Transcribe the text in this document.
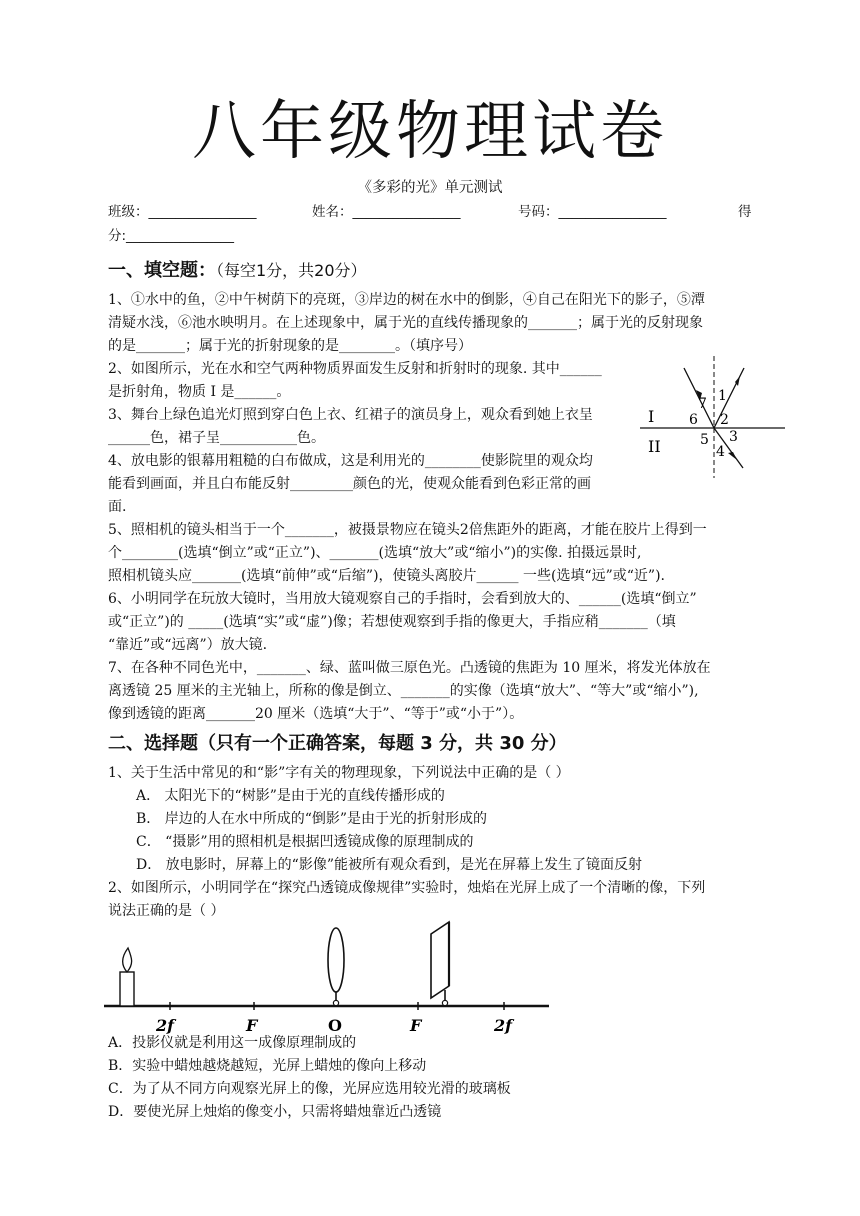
八年级物理试卷
《多彩的光》单元测试
班级：________________	姓名：________________	号码：________________	得
分:________________
一、填空题：（每空1分，共20分）
1、①水中的鱼，②中午树荫下的亮斑，③岸边的树在水中的倒影，④自己在阳光下的影子，⑤潭
清疑水浅，⑥池水映明月。在上述现象中，属于光的直线传播现象的_______；属于光的反射现象
的是_______；属于光的折射现象的是________。（填序号）
2、如图所示，光在水和空气两种物质界面发生反射和折射时的现象. 其中______
是折射角，物质 I 是______。
3、舞台上绿色追光灯照到穿白色上衣、红裙子的演员身上，观众看到她上衣呈
______色，裙子呈___________色。
4、放电影的银幕用粗糙的白布做成，这是利用光的________使影院里的观众均
能看到画面，并且白布能反射_________颜色的光，使观众能看到色彩正常的画
面.
5、照相机的镜头相当于一个_______，被摄景物应在镜头2倍焦距外的距离，才能在胶片上得到一
个________(选填“倒立”或“正立”)、_______(选填“放大”或“缩小”)的实像. 拍摄远景时,
照相机镜头应_______(选填“前伸”或“后缩”)，使镜头离胶片______ 一些(选填“远”或“近”).
6、小明同学在玩放大镜时，当用放大镜观察自己的手指时，会看到放大的、______(选填“倒立”
或“正立”)的 _____(选填“实”或“虚”)像；若想使观察到手指的像更大，手指应稍_______（填
“靠近”或“远离”）放大镜.
7、在各种不同色光中，_______、绿、蓝叫做三原色光。凸透镜的焦距为 10 厘米，将发光体放在
离透镜 25 厘米的主光轴上，所称的像是倒立、_______的实像（选填“放大”、“等大”或“缩小”),
像到透镜的距离_______20 厘米（选填“大于”、“等于”或“小于”）。
7 1
6 2
5 3
4
I
II
二、选择题（只有一个正确答案，每题 3 分，共 30 分）
1、关于生活中常见的和“影”字有关的物理现象，下列说法中正确的是（ ）
A． 太阳光下的“树影”是由于光的直线传播形成的
B． 岸边的人在水中所成的“倒影”是由于光的折射形成的
C． “摄影”用的照相机是根据凹透镜成像的原理制成的
D． 放电影时，屏幕上的“影像”能被所有观众看到，是光在屏幕上发生了镜面反射
2、如图所示，小明同学在“探究凸透镜成像规律”实验时，烛焰在光屏上成了一个清晰的像，下列
说法正确的是（ ）
2f	F	O	F	2f
A．投影仪就是利用这一成像原理制成的
B．实验中蜡烛越烧越短，光屏上蜡烛的像向上移动
C．为了从不同方向观察光屏上的像，光屏应选用较光滑的玻璃板
D．要使光屏上烛焰的像变小，只需将蜡烛靠近凸透镜
